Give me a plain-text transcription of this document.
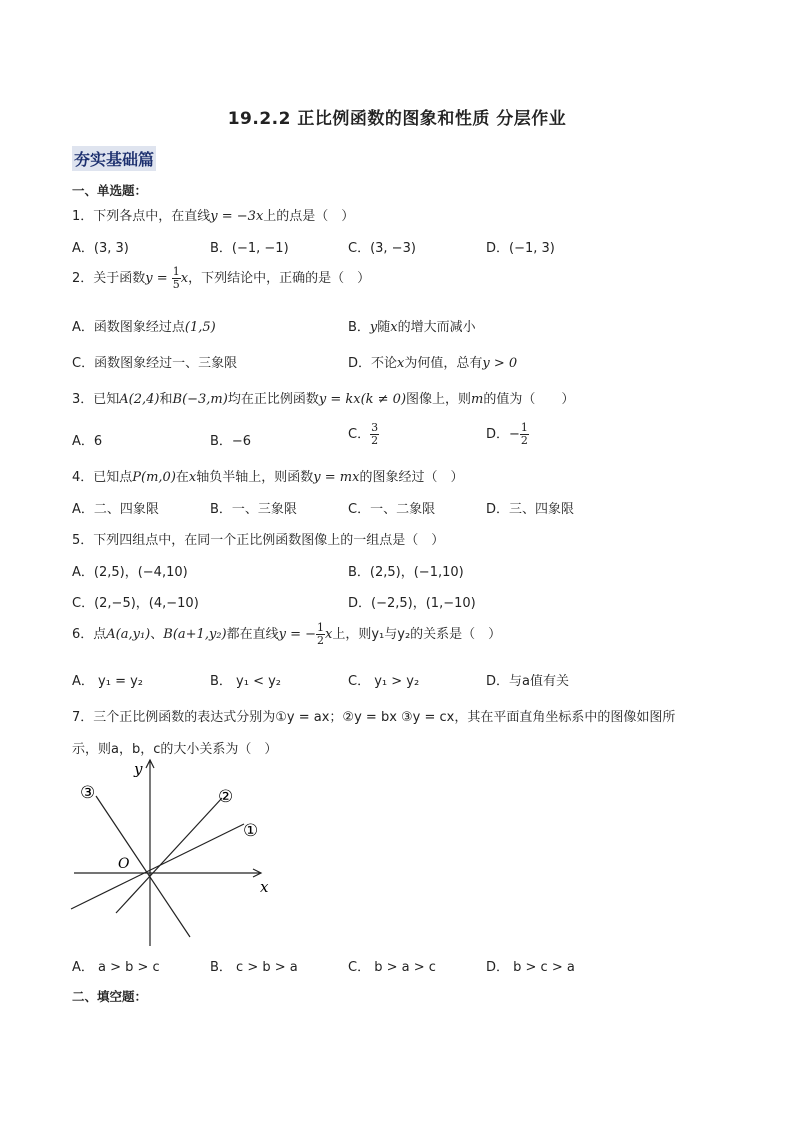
19.2.2 正比例函数的图象和性质 分层作业
夯实基础篇
一、单选题：
1．下列各点中，在直线y = −3x上的点是（　）
A．(3, 3)	B．(−1, −1)	C．(3, −3)	D．(−1, 3)
2．关于函数$y = \frac{1}{5}$ x，下列结论中，正确的是（　）
A．函数图象经过点(1,5)	B．y随x的增大而减小
C．函数图象经过一、三象限	D．不论x为何值，总有y > 0
3．已知A(2,4)和B(−3,m)均在正比例函数y = kx(k ≠ 0)图像上，则m的值为（　　）
A．6	B．−6	C． $\frac{3}{2}$	D．− $\frac{1}{2}$
4．已知点P(m,0)在x轴负半轴上，则函数y = mx的图象经过（　）
A．二、四象限	B．一、三象限	C．一、二象限	D．三、四象限
5．下列四组点中，在同一个正比例函数图像上的一组点是（　）
A．(2,5)，(−4,10)	B．(2,5)，(−1,10)
C．(2,−5)，(4,−10)	D．(−2,5)，(1,−10)
6．点A(a,y₁)、B(a+1,y₂)都在直线y = − $\frac{1}{2}$ x上，则y₁与y₂的关系是（　）
A． y₁ = y₂	B． y₁ < y₂	C． y₁ > y₂	D．与a值有关
7．三个正比例函数的表达式分别为①y = ax；②y = bx ③y = cx，其在平面直角坐标系中的图像如图所
示，则a，b，c的大小关系为（　）
y
x
O
③	②
①
A． a > b > c	B． c > b > a	C． b > a > c	D． b > c > a
二、填空题：
